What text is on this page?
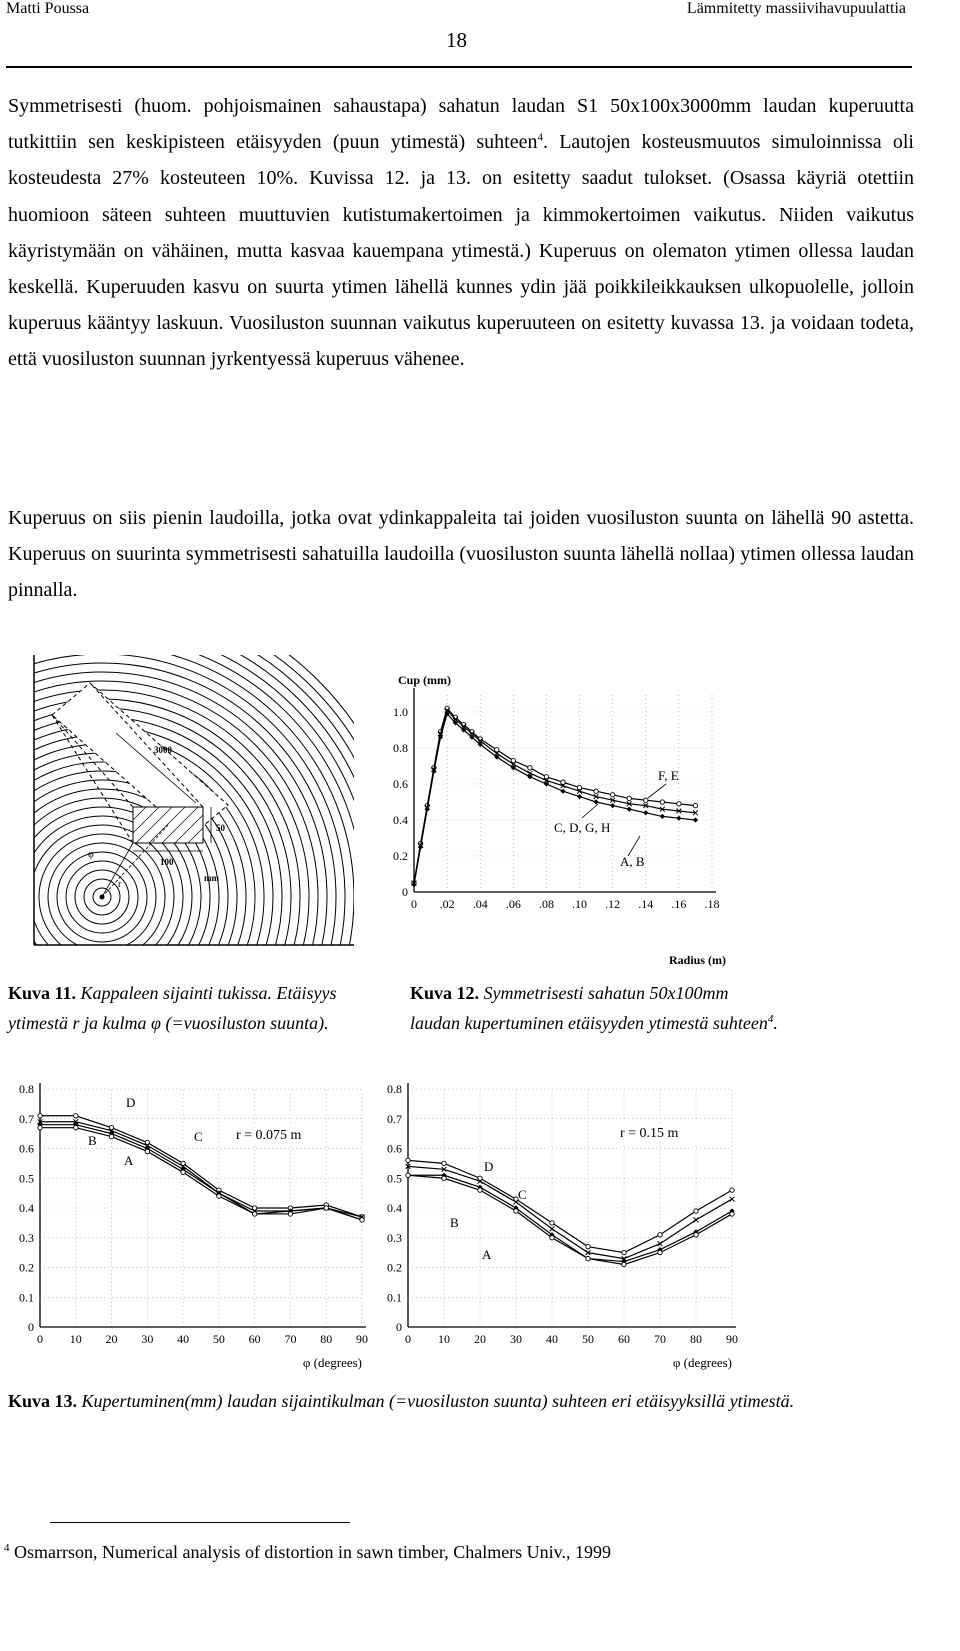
Matti Poussa	Lämmitetty massiivihavupuulattia
18

Symmetrisesti (huom. pohjoismainen sahaustapa) sahatun laudan S1 50x100x3000mm laudan kuperuutta tutkittiin sen keskipisteen etäisyyden (puun ytimestä) suhteen$^4$. Lautojen kosteusmuutos simuloinnissa oli kosteudesta 27% kosteuteen 10%. Kuvissa 12. ja 13. on esitetty saadut tulokset. (Osassa käyriä otettiin huomioon säteen suhteen muuttuvien kutistumakertoimen ja kimmokertoimen vaikutus. Niiden vaikutus käyristymään on vähäinen, mutta kasvaa kauempana ytimestä.) Kuperuus on olematon ytimen ollessa laudan keskellä. Kuperuuden kasvu on suurta ytimen lähellä kunnes ydin jää poikkileikkauksen ulkopuolelle, jolloin kuperuus kääntyy laskuun. Vuosiluston suunnan vaikutus kuperuuteen on esitetty kuvassa 13. ja voidaan todeta, että vuosiluston suunnan jyrkentyessä kuperuus vähenee.

Kuperuus on siis pienin laudoilla, jotka ovat ydinkappaleita tai joiden vuosiluston suunta on lähellä 90 astetta. Kuperuus on suurinta symmetrisesti sahatuilla laudoilla (vuosiluston suunta lähellä nollaa) ytimen ollessa laudan pinnalla.

3000
50
100
mm
φ
r
0
0.2
0.4
0.6
0.8
1.0
0 .02 .04 .06 .08 .10 .12 .14 .16 .18
Cup (mm)
Radius (m)
F, E
C, D, G, H
A, B
Kuva 11. Kappaleen sijainti tukissa. Etäisyys
ytimestä r ja kulma φ (=vuosiluston suunta).
Kuva 12. Symmetrisesti sahatun 50x100mm
laudan kupertuminen etäisyyden ytimestä suhteen$^4$.
0
0.1
0.2
0.3
0.4
0.5
0.6
0.7
0.8
0 10 20 30 40 50 60 70 80 90
φ (degrees)
r = 0.075 m
D
C
B
A
0
0.1
0.2
0.3
0.4
0.5
0.6
0.7
0.8
0 10 20 30 40 50 60 70 80 90
φ (degrees)
r = 0.15 m
D
C
B
A
Kuva 13. Kupertuminen(mm) laudan sijaintikulman (=vuosiluston suunta) suhteen eri etäisyyksillä ytimestä.
$^4$ Osmarrson, Numerical analysis of distortion in sawn timber, Chalmers Univ., 1999
